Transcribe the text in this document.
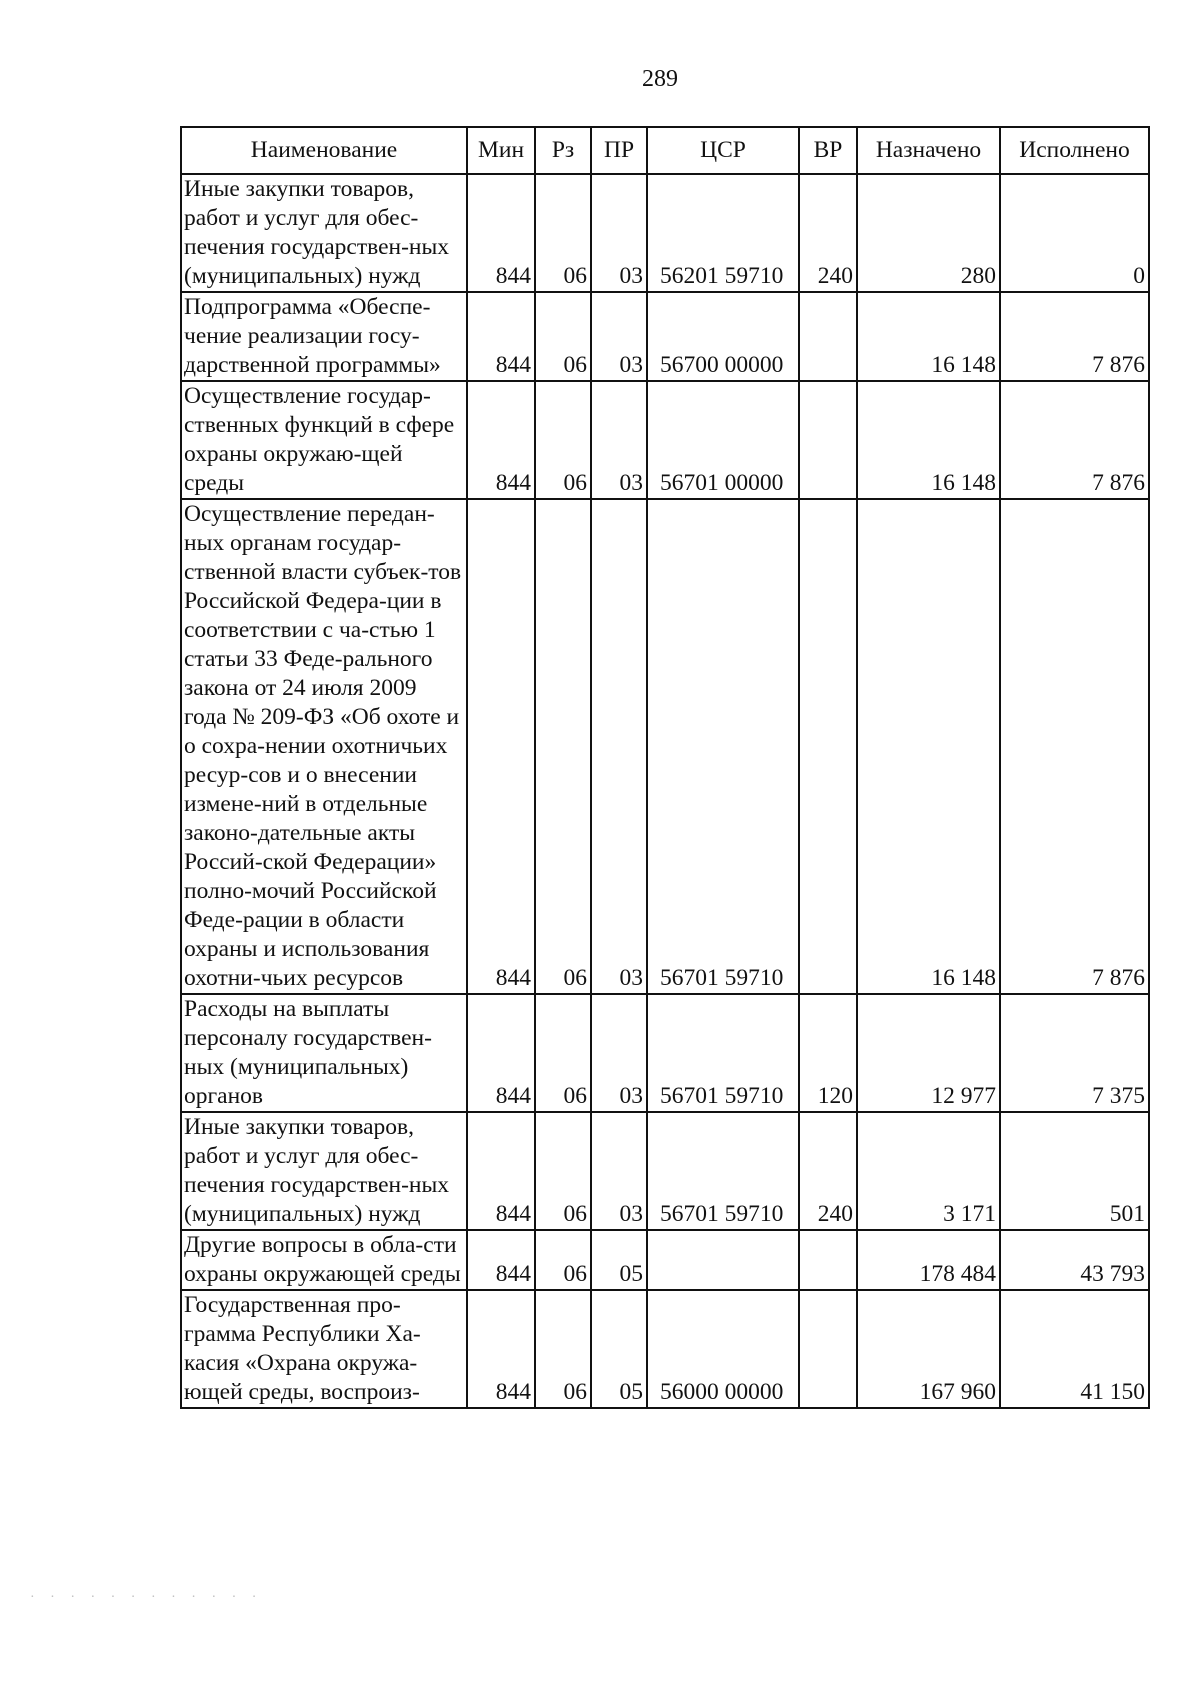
289
Наименование	Мин	Рз	ПР	ЦСР	ВР	Назначено	Исполнено
Иные закупки товаров, работ и услуг для обес-печения государствен-ных (муниципальных) нужд	844	06	03	56201 59710	240	280	0
Подпрограмма «Обеспе-чение реализации госу-дарственной программы»	844	06	03	56700 00000		16 148	7 876
Осуществление государ-ственных функций в сфере охраны окружаю-щей среды	844	06	03	56701 00000		16 148	7 876
Осуществление передан-ных органам государ-ственной власти субъек-тов Российской Федера-ции в соответствии с ча-стью 1 статьи 33 Феде-рального закона от 24 июля 2009 года № 209-ФЗ «Об охоте и о сохра-нении охотничьих ресур-сов и о внесении измене-ний в отдельные законо-дательные акты Россий-ской Федерации» полно-мочий Российской Феде-рации в области охраны и использования охотни-чьих ресурсов	844	06	03	56701 59710		16 148	7 876
Расходы на выплаты персоналу государствен-ных (муниципальных) органов	844	06	03	56701 59710	120	12 977	7 375
Иные закупки товаров, работ и услуг для обес-печения государствен-ных (муниципальных) нужд	844	06	03	56701 59710	240	3 171	501
Другие вопросы в обла-сти охраны окружающей среды	844	06	05			178 484	43 793
Государственная про-грамма Республики Ха-касия «Охрана окружа-ющей среды, воспроиз-	844	06	05	56000 00000		167 960	41 150
· · · · · · · · · · · ·
